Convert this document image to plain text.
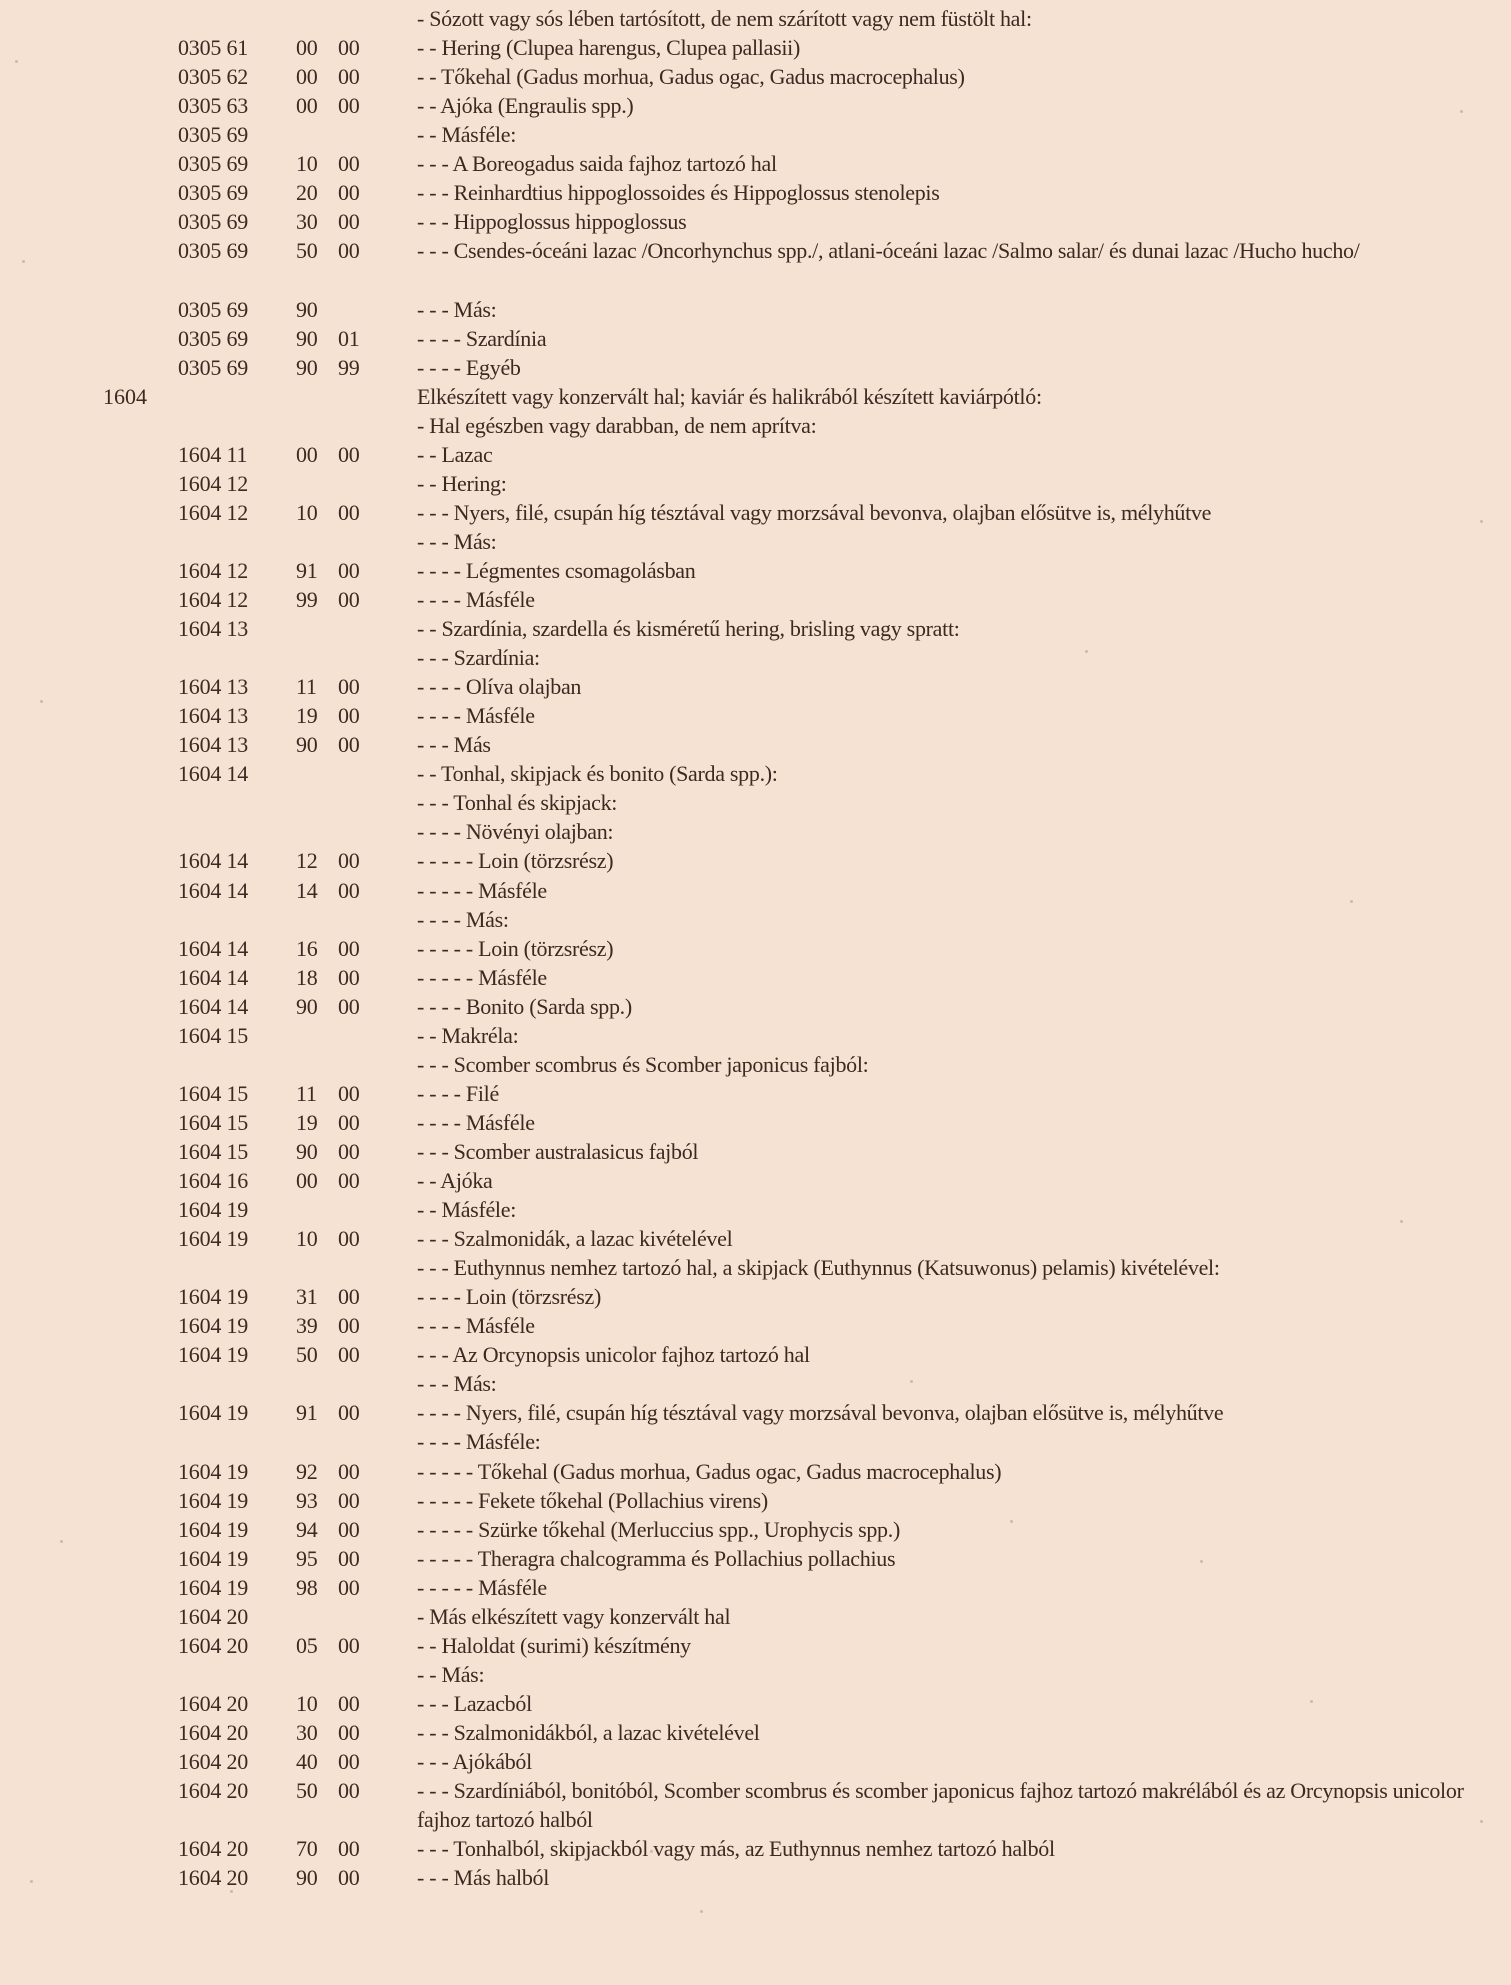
- Sózott vagy sós lében tartósított, de nem szárított vagy nem füstölt hal:
0305 61 00 00	- - Hering (Clupea harengus, Clupea pallasii)
0305 62 00 00	- - Tőkehal (Gadus morhua, Gadus ogac, Gadus macrocephalus)
0305 63 00 00	- - Ajóka (Engraulis spp.)
0305 69	- - Másféle:
0305 69 10 00	- - - A Boreogadus saida fajhoz tartozó hal
0305 69 20 00	- - - Reinhardtius hippoglossoides és Hippoglossus stenolepis
0305 69 30 00	- - - Hippoglossus hippoglossus
0305 69 50 00	- - - Csendes-óceáni lazac /Oncorhynchus spp./, atlani-óceáni lazac /Salmo salar/ és dunai lazac /Hucho hucho/
0305 69 90	- - - Más:
0305 69 90 01	- - - - Szardínia
0305 69 90 99	- - - - Egyéb
1604	Elkészített vagy konzervált hal; kaviár és halikrából készített kaviárpótló:
- Hal egészben vagy darabban, de nem aprítva:
1604 11 00 00	- - Lazac
1604 12	- - Hering:
1604 12 10 00	- - - Nyers, filé, csupán híg tésztával vagy morzsával bevonva, olajban elősütve is, mélyhűtve
- - - Más:
1604 12 91 00	- - - - Légmentes csomagolásban
1604 12 99 00	- - - - Másféle
1604 13	- - Szardínia, szardella és kisméretű hering, brisling vagy spratt:
- - - Szardínia:
1604 13 11 00	- - - - Olíva olajban
1604 13 19 00	- - - - Másféle
1604 13 90 00	- - - Más
1604 14	- - Tonhal, skipjack és bonito (Sarda spp.):
- - - Tonhal és skipjack:
- - - - Növényi olajban:
1604 14 12 00	- - - - - Loin (törzsrész)
1604 14 14 00	- - - - - Másféle
- - - - Más:
1604 14 16 00	- - - - - Loin (törzsrész)
1604 14 18 00	- - - - - Másféle
1604 14 90 00	- - - - Bonito (Sarda spp.)
1604 15	- - Makréla:
- - - Scomber scombrus és Scomber japonicus fajból:
1604 15 11 00	- - - - Filé
1604 15 19 00	- - - - Másféle
1604 15 90 00	- - - Scomber australasicus fajból
1604 16 00 00	- - Ajóka
1604 19	- - Másféle:
1604 19 10 00	- - - Szalmonidák, a lazac kivételével
- - - Euthynnus nemhez tartozó hal, a skipjack (Euthynnus (Katsuwonus) pelamis) kivételével:
1604 19 31 00	- - - - Loin (törzsrész)
1604 19 39 00	- - - - Másféle
1604 19 50 00	- - - Az Orcynopsis unicolor fajhoz tartozó hal
- - - Más:
1604 19 91 00	- - - - Nyers, filé, csupán híg tésztával vagy morzsával bevonva, olajban elősütve is, mélyhűtve
- - - - Másféle:
1604 19 92 00	- - - - - Tőkehal (Gadus morhua, Gadus ogac, Gadus macrocephalus)
1604 19 93 00	- - - - - Fekete tőkehal (Pollachius virens)
1604 19 94 00	- - - - - Szürke tőkehal (Merluccius spp., Urophycis spp.)
1604 19 95 00	- - - - - Theragra chalcogramma és Pollachius pollachius
1604 19 98 00	- - - - - Másféle
1604 20	- Más elkészített vagy konzervált hal
1604 20 05 00	- - Haloldat (surimi) készítmény
- - Más:
1604 20 10 00	- - - Lazacból
1604 20 30 00	- - - Szalmonidákból, a lazac kivételével
1604 20 40 00	- - - Ajókából
1604 20 50 00	- - - Szardíniából, bonitóból, Scomber scombrus és scomber japonicus fajhoz tartozó makrélából és az Orcynopsis unicolor fajhoz tartozó halból
1604 20 70 00	- - - Tonhalból, skipjackból vagy más, az Euthynnus nemhez tartozó halból
1604 20 90 00	- - - Más halból
